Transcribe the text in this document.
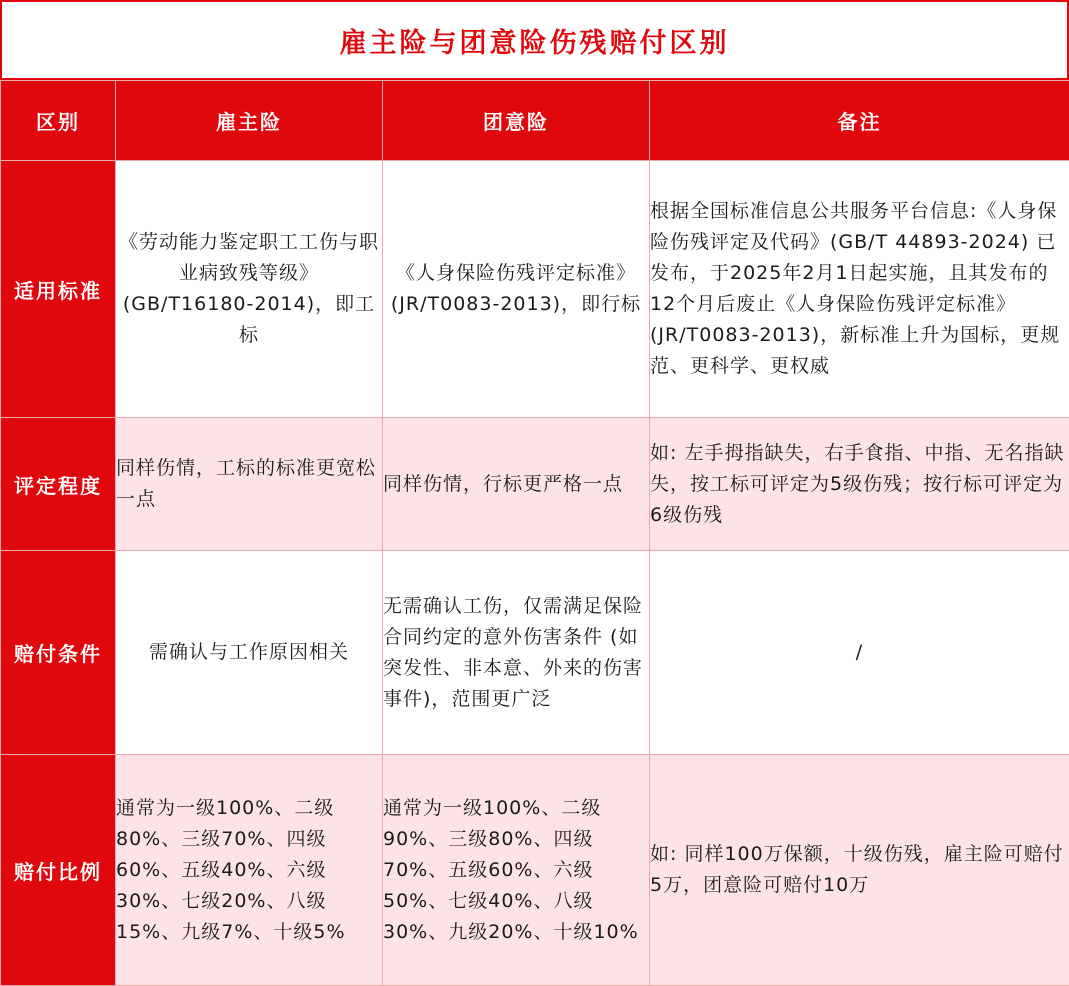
雇主险与团意险伤残赔付区别
区别	雇主险	团意险	备注
适用标准	《劳动能力鉴定职工工伤与职业病致残等级》(GB/T16180-2014)，即工标	《人身保险伤残评定标准》(JR/T0083-2013)，即行标	根据全国标准信息公共服务平台信息:《人身保险伤残评定及代码》(GB/T 44893-2024) 已发布，于2025年2月1日起实施，且其发布的12个月后废止《人身保险伤残评定标准》(JR/T0083-2013)，新标准上升为国标，更规范、更科学、更权威
评定程度	同样伤情，工标的标准更宽松一点	同样伤情，行标更严格一点	如: 左手拇指缺失，右手食指、中指、无名指缺失，按工标可评定为5级伤残；按行标可评定为6级伤残
赔付条件	需确认与工作原因相关	无需确认工伤，仅需满足保险合同约定的意外伤害条件 (如突发性、非本意、外来的伤害事件)，范围更广泛	/
赔付比例	通常为一级100%、二级80%、三级70%、四级60%、五级40%、六级30%、七级20%、八级15%、九级7%、十级5%	通常为一级100%、二级90%、三级80%、四级70%、五级60%、六级50%、七级40%、八级30%、九级20%、十级10%	如: 同样100万保额，十级伤残，雇主险可赔付5万，团意险可赔付10万
